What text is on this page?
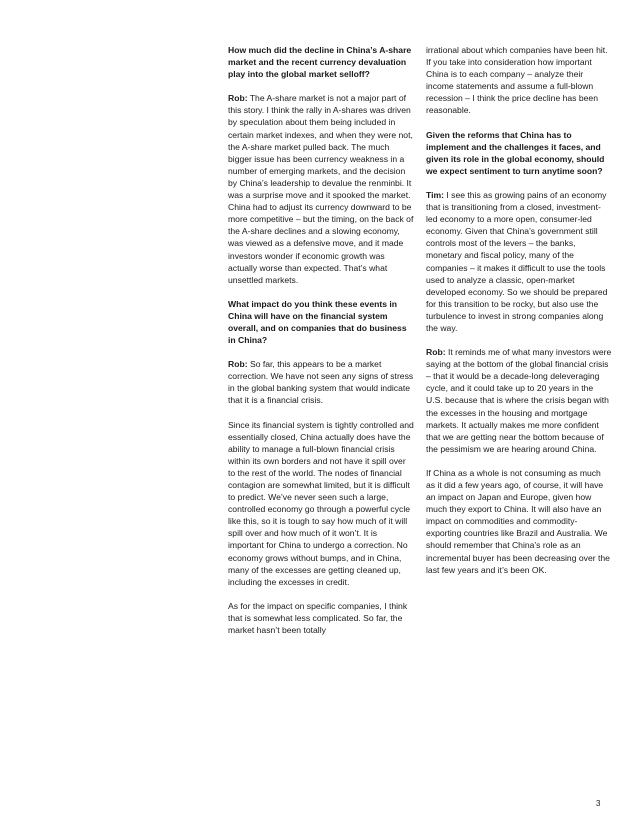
How much did the decline in China’s A-share market and the recent currency devaluation play into the global market selloff?

Rob: The A-share market is not a major part of this story. I think the rally in A-shares was driven by speculation about them being included in certain market indexes, and when they were not, the A-share market pulled back. The much bigger issue has been currency weakness in a number of emerging markets, and the decision by China’s leadership to devalue the renminbi. It was a surprise move and it spooked the market. China had to adjust its currency downward to be more competitive – but the timing, on the back of the A-share declines and a slowing economy, was viewed as a defensive move, and it made investors wonder if economic growth was actually worse than expected. That’s what unsettled markets.

What impact do you think these events in China will have on the financial system overall, and on companies that do business in China?

Rob: So far, this appears to be a market correction. We have not seen any signs of stress in the global banking system that would indicate that it is a financial crisis.

Since its financial system is tightly controlled and essentially closed, China actually does have the ability to manage a full-blown financial crisis within its own borders and not have it spill over to the rest of the world. The nodes of financial contagion are somewhat limited, but it is difficult to predict. We’ve never seen such a large, controlled economy go through a powerful cycle like this, so it is tough to say how much of it will spill over and how much of it won’t. It is important for China to undergo a correction. No economy grows without bumps, and in China, many of the excesses are getting cleaned up, including the excesses in credit.

As for the impact on specific companies, I think that is somewhat less complicated. So far, the market hasn’t been totally

irrational about which companies have been hit. If you take into consideration how important China is to each company – analyze their income statements and assume a full-blown recession – I think the price decline has been reasonable.

Given the reforms that China has to implement and the challenges it faces, and given its role in the global economy, should we expect sentiment to turn anytime soon?

Tim: I see this as growing pains of an economy that is transitioning from a closed, investment-led economy to a more open, consumer-led economy. Given that China’s government still controls most of the levers – the banks, monetary and fiscal policy, many of the companies – it makes it difficult to use the tools used to analyze a classic, open-market developed economy. So we should be prepared for this transition to be rocky, but also use the turbulence to invest in strong companies along the way.

Rob: It reminds me of what many investors were saying at the bottom of the global financial crisis – that it would be a decade-long deleveraging cycle, and it could take up to 20 years in the U.S. because that is where the crisis began with the excesses in the housing and mortgage markets. It actually makes me more confident that we are getting near the bottom because of the pessimism we are hearing around China.

If China as a whole is not consuming as much as it did a few years ago, of course, it will have an impact on Japan and Europe, given how much they export to China. It will also have an impact on commodities and commodity-exporting countries like Brazil and Australia. We should remember that China’s role as an incremental buyer has been decreasing over the last few years and it’s been OK.

3
